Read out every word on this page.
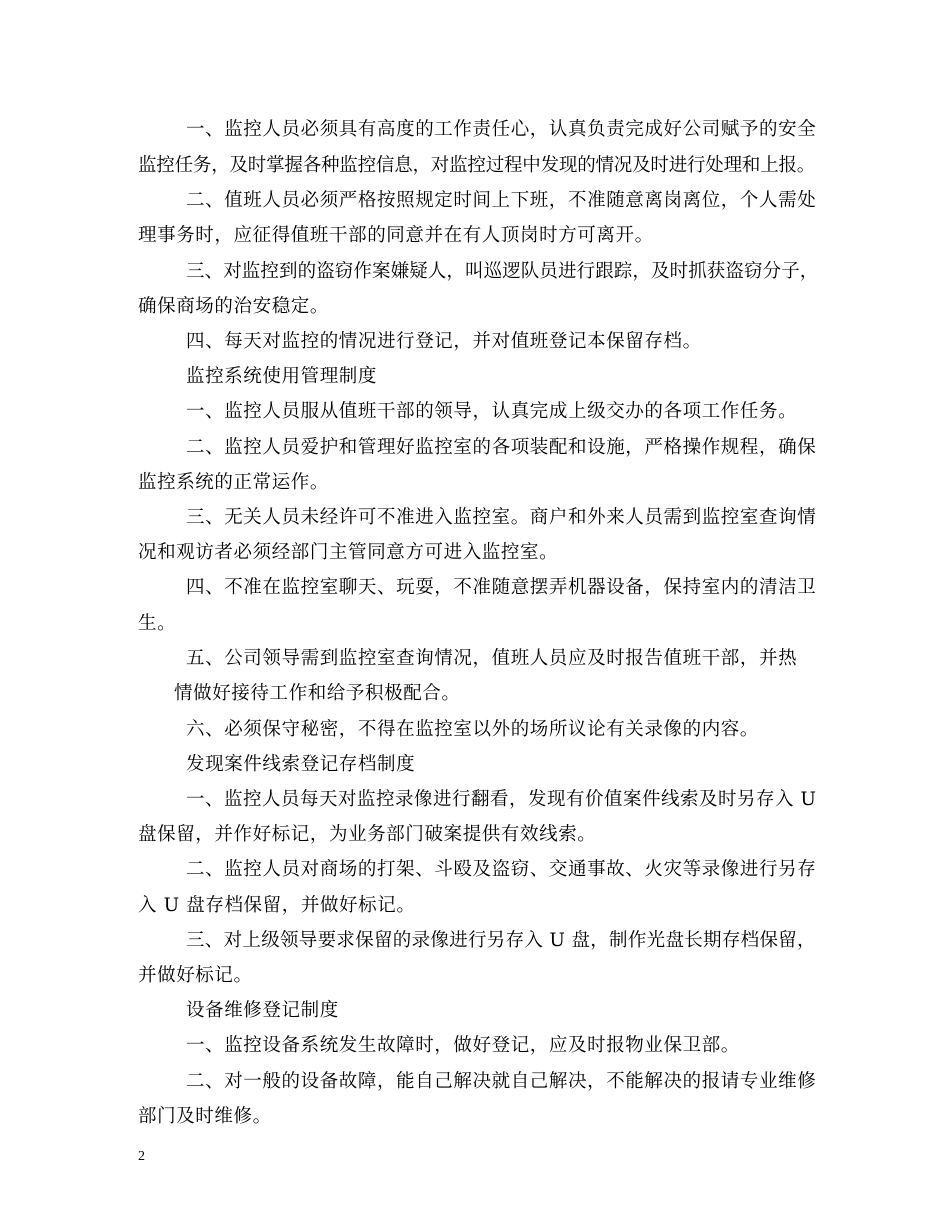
一、监控人员必须具有高度的工作责任心，认真负责完成好公司赋予的安全
监控任务，及时掌握各种监控信息，对监控过程中发现的情况及时进行处理和上报。
二、值班人员必须严格按照规定时间上下班，不准随意离岗离位，个人需处
理事务时，应征得值班干部的同意并在有人顶岗时方可离开。
三、对监控到的盗窃作案嫌疑人，叫巡逻队员进行跟踪，及时抓获盗窃分子，
确保商场的治安稳定。
四、每天对监控的情况进行登记，并对值班登记本保留存档。
监控系统使用管理制度
一、监控人员服从值班干部的领导，认真完成上级交办的各项工作任务。
二、监控人员爱护和管理好监控室的各项装配和设施，严格操作规程，确保
监控系统的正常运作。
三、无关人员未经许可不准进入监控室。商户和外来人员需到监控室查询情
况和观访者必须经部门主管同意方可进入监控室。
四、不准在监控室聊天、玩耍，不准随意摆弄机器设备，保持室内的清洁卫
生。
五、公司领导需到监控室查询情况，值班人员应及时报告值班干部，并热
情做好接待工作和给予积极配合。
六、必须保守秘密，不得在监控室以外的场所议论有关录像的内容。
发现案件线索登记存档制度
一、监控人员每天对监控录像进行翻看，发现有价值案件线索及时另存入 U
盘保留，并作好标记，为业务部门破案提供有效线索。
二、监控人员对商场的打架、斗殴及盗窃、交通事故、火灾等录像进行另存
入 U 盘存档保留，并做好标记。
三、对上级领导要求保留的录像进行另存入 U 盘，制作光盘长期存档保留，
并做好标记。
设备维修登记制度
一、监控设备系统发生故障时，做好登记，应及时报物业保卫部。
二、对一般的设备故障，能自己解决就自己解决，不能解决的报请专业维修
部门及时维修。
2
